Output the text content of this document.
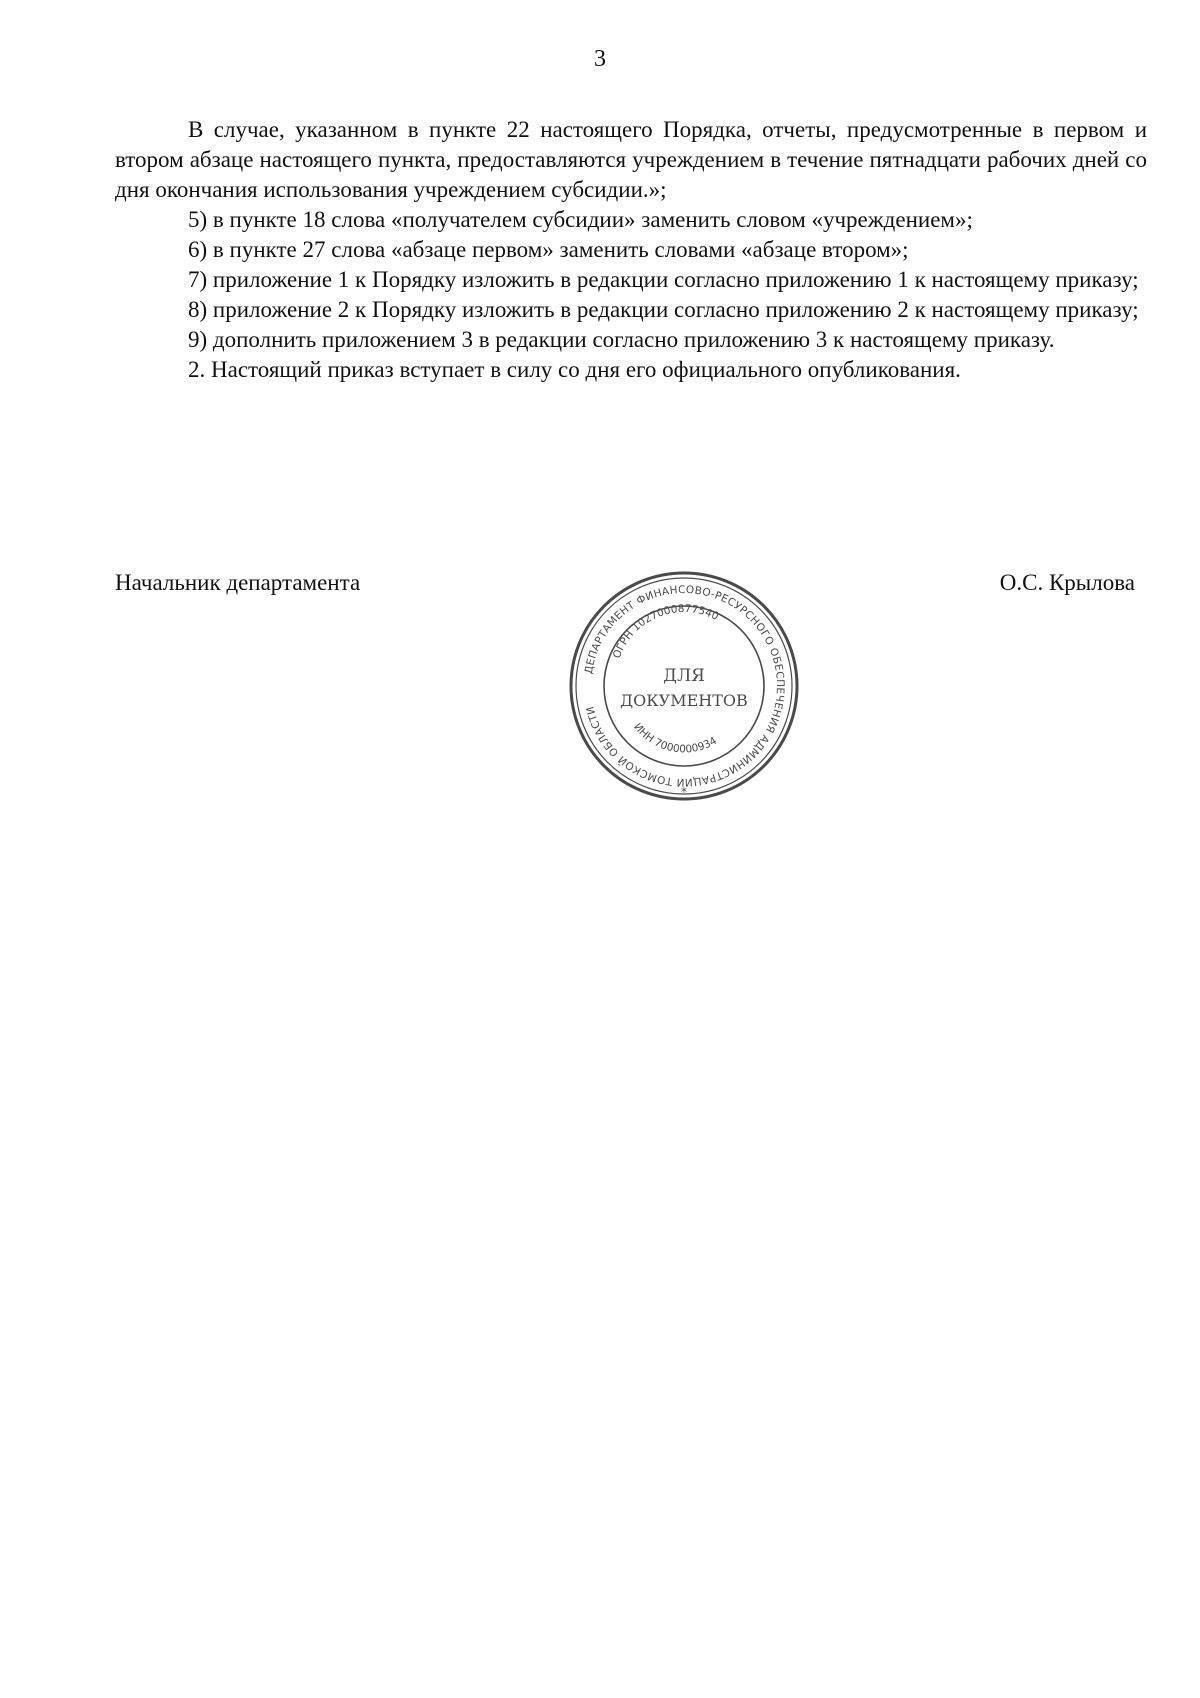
3

В случае, указанном в пункте 22 настоящего Порядка, отчеты, предусмотренные в первом и втором абзаце настоящего пункта, предоставляются учреждением в течение пятнадцати рабочих дней со дня окончания использования учреждением субсидии.»;

5) в пункте 18 слова «получателем субсидии» заменить словом «учреждением»;

6) в пункте 27 слова «абзаце первом» заменить словами «абзаце втором»;

7) приложение 1 к Порядку изложить в редакции согласно приложению 1 к настоящему приказу;

8) приложение 2 к Порядку изложить в редакции согласно приложению 2 к настоящему приказу;

9) дополнить приложением 3 в редакции согласно приложению 3 к настоящему приказу.

2. Настоящий приказ вступает в силу со дня его официального опубликования.

Начальник департамента	О.С. Крылова
ДЕПАРТАМЕНТ ФИНАНСОВО-РЕСУРСНОГО ОБЕСПЕЧЕНИЯ АДМИНИСТРАЦИИ ТОМСКОЙ ОБЛАСТИ
*
ОГРН 1027000877540
ИНН 7000000934
ДЛЯ
ДОКУМЕНТОВ
